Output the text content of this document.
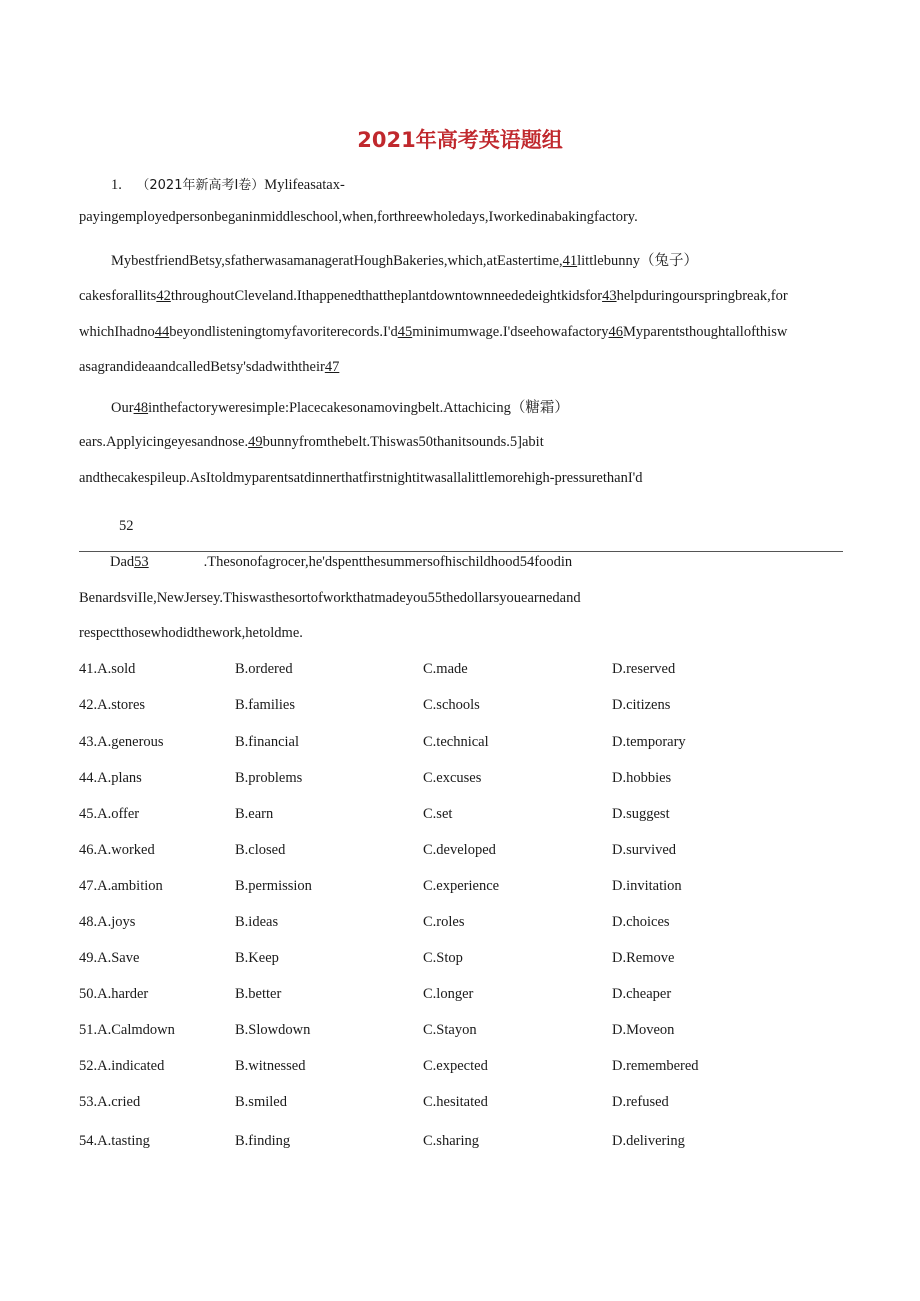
2021年高考英语题组
1. （2021年新高考Ⅰ卷）Mylifeasatax-
payingemployedpersonbeganinmiddleschool,when,forthreewholedays,Iworkedinabakingfactory.
MybestfriendBetsy,sfatherwasamanageratHoughBakeries,which,atEastertime,41littlebunny（兔子）
cakesforallits42throughoutCleveland.Ithappenedthattheplantdowntownneededeightkidsfor43helpduringourspringbreak,for
whichIhadno44beyondlisteningtomyfavoriterecords.I'd45minimumwage.I'dseehowafactory46Myparentsthoughtallofthisw
asagrandideaandcalledBetsy'sdadwiththeir47
Our48inthefactoryweresimple:Placecakesonamovingbelt.Attachicing（糖霜）
ears.Applyicingeyesandnose.49bunnyfromthebelt.Thiswas50thanitsounds.5]abit
andthecakespileup.AsItoldmyparentsatdinnerthatfirstnightitwasallalittlemorehigh-pressurethanI'd
52
Dad53	.Thesonofagrocer,he'dspentthesummersofhischildhood54foodin
BenardsviIle,NewJersey.Thiswasthesortofworkthatmadeyou55thedollarsyouearnedand
respectthosewhodidthework,hetoldme.
41.A.sold	B.ordered	C.made	D.reserved
42.A.stores	B.families	C.schools	D.citizens
43.A.generous	B.financial	C.technical	D.temporary
44.A.plans	B.problems	C.excuses	D.hobbies
45.A.offer	B.earn	C.set	D.suggest
46.A.worked	B.closed	C.developed	D.survived
47.A.ambition	B.permission	C.experience	D.invitation
48.A.joys	B.ideas	C.roles	D.choices
49.A.Save	B.Keep	C.Stop	D.Remove
50.A.harder	B.better	C.longer	D.cheaper
51.A.Calmdown	B.Slowdown	C.Stayon	D.Moveon
52.A.indicated	B.witnessed	C.expected	D.remembered
53.A.cried	B.smiled	C.hesitated	D.refused
54.A.tasting	B.finding	C.sharing	D.delivering
